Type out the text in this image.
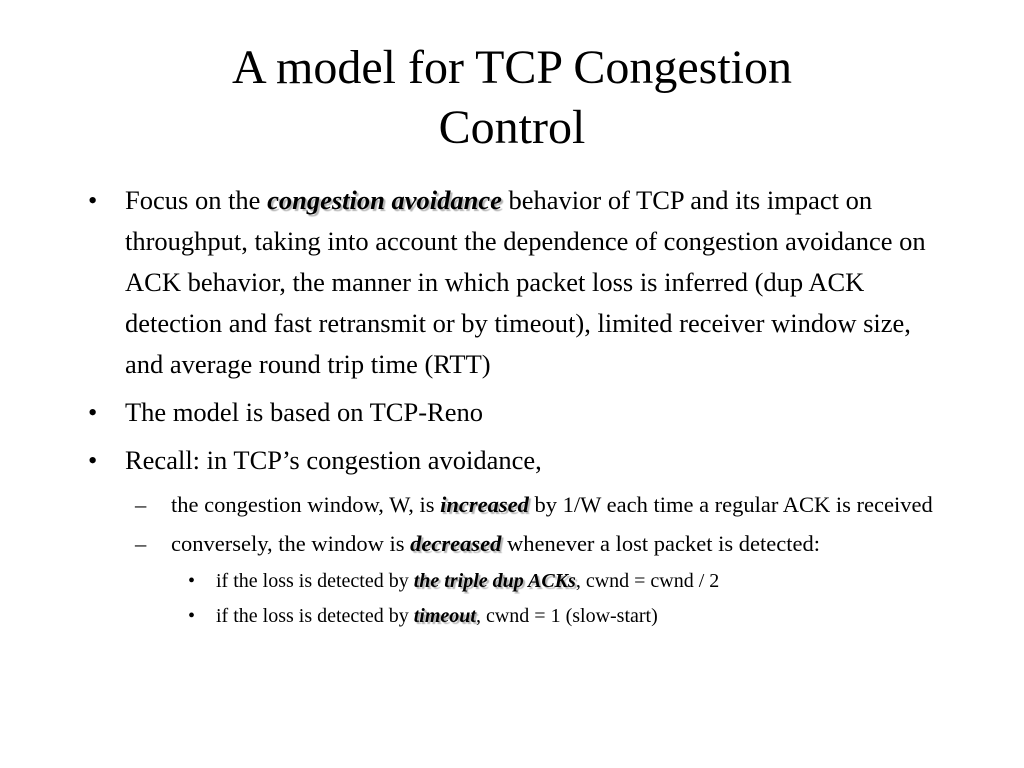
A model for TCP Congestion
Control
• Focus on the congestion avoidance behavior of TCP and its impact on throughput, taking into account the dependence of congestion avoidance on ACK behavior, the manner in which packet loss is inferred (dup ACK detection and fast retransmit or by timeout), limited receiver window size, and average round trip time (RTT)
• The model is based on TCP-Reno
• Recall: in TCP’s congestion avoidance,
– the congestion window, W, is increased by 1/W each time a regular ACK is received
– conversely, the window is decreased whenever a lost packet is detected:
• if the loss is detected by the triple dup ACKs, cwnd = cwnd / 2
• if the loss is detected by timeout, cwnd = 1 (slow-start)
